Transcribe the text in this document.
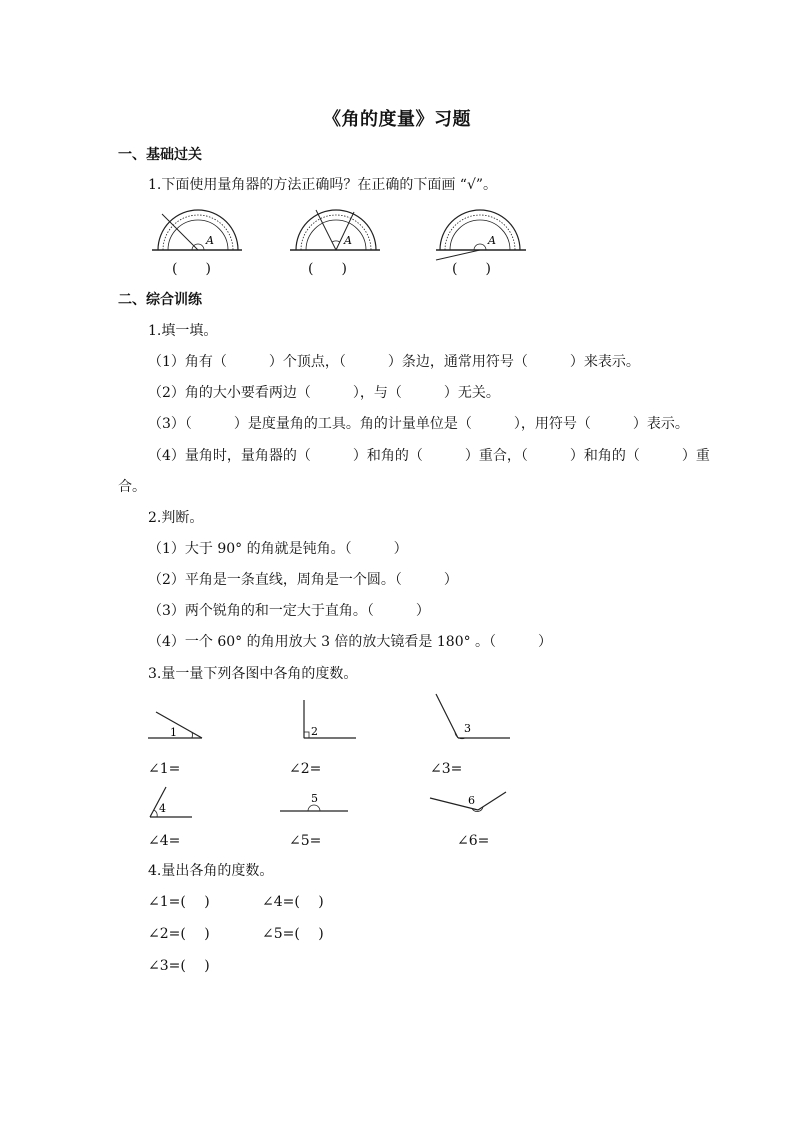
《角的度量》习题
一、基础过关
1.下面使用量角器的方法正确吗？在正确的下面画 “√”。
A
(　　)
A
(　　)
A
(　　)
二、综合训练
1.填一填。
（1）角有（　　　）个顶点，（　　　）条边，通常用符号（　　　）来表示。
（2）角的大小要看两边（　　　），与（　　　）无关。
（3）（　　　）是度量角的工具。角的计量单位是（　　　），用符号（　　　）表示。
（4）量角时，量角器的（　　　）和角的（　　　）重合，（　　　）和角的（　　　）重
合。
2.判断。
（1）大于 90° 的角就是钝角。（　　　）
（2）平角是一条直线，周角是一个圆。（　　　）
（3）两个锐角的和一定大于直角。（　　　）
（4）一个 60° 的角用放大 3 倍的放大镜看是 180° 。（　　　）
3.量一量下列各图中各角的度数。
1	2	3
∠1=	∠2=	∠3=
4
5	6
∠4=	∠5=	∠6=
4.量出各角的度数。
∠1=(　 )	∠4=(　 )
∠2=(　 )	∠5=(　 )
∠3=(　 )
